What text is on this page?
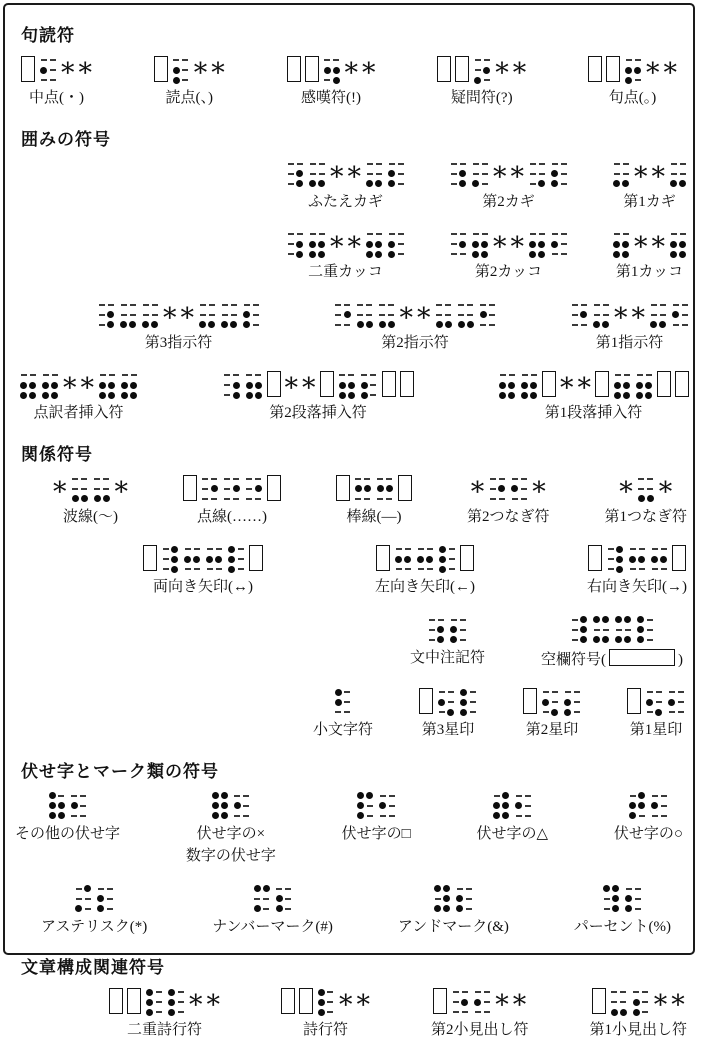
句読符
* *
中点(・)
* *
読点(、)
* *
感嘆符(!)
* *
疑問符(?)
* *
句点(。)
囲みの符号
* *
ふたえカギ
* *
第2カギ
* *
第1カギ
* *
二重カッコ
* *
第2カッコ
* *
第1カッコ
* *
第3指示符
* *
第2指示符
* *
第1指示符
* *
点訳者挿入符
* *
第2段落挿入符
* *
第1段落挿入符
関係符号
* *
波線(〜)	点線(……)	棒線(―)
* *
第2つなぎ符
* *
第1つなぎ符
両向き矢印(↔)	左向き矢印(←)	右向き矢印(→)
文中注記符	空欄符号(	)
小文字符	第3星印	第2星印	第1星印
伏せ字とマーク類の符号
その他の伏せ字	伏せ字の×
数字の伏せ字
伏せ字の□	伏せ字の△	伏せ字の○
アステリスク(*)	ナンバーマーク(#)	アンドマーク(&)	パーセント(%)
文章構成関連符号
* *
二重詩行符
* *
詩行符
* *
第2小見出し符
* *
第1小見出し符
